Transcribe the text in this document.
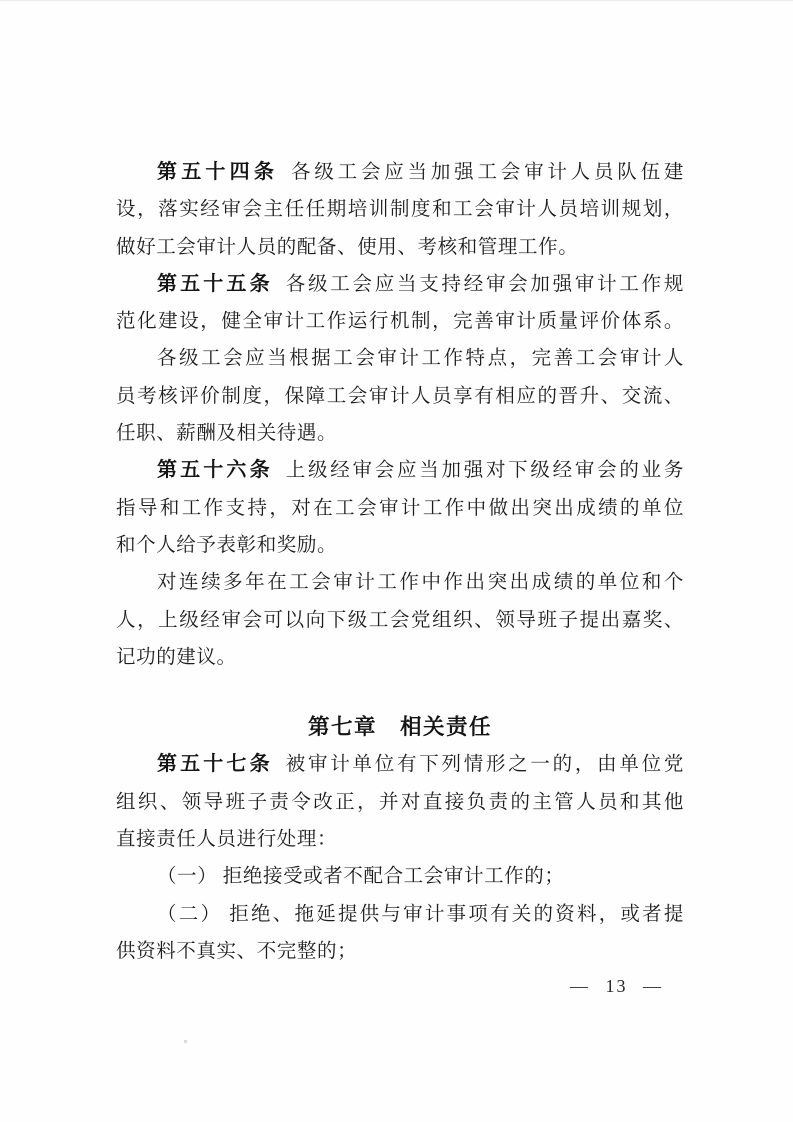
第五十四条 各级工会应当加强工会审计人员队伍建
设，落实经审会主任任期培训制度和工会审计人员培训规划，
做好工会审计人员的配备、使用、考核和管理工作。
第五十五条 各级工会应当支持经审会加强审计工作规
范化建设，健全审计工作运行机制，完善审计质量评价体系。
各级工会应当根据工会审计工作特点，完善工会审计人
员考核评价制度，保障工会审计人员享有相应的晋升、交流、
任职、薪酬及相关待遇。
第五十六条 上级经审会应当加强对下级经审会的业务
指导和工作支持，对在工会审计工作中做出突出成绩的单位
和个人给予表彰和奖励。
对连续多年在工会审计工作中作出突出成绩的单位和个
人，上级经审会可以向下级工会党组织、领导班子提出嘉奖、
记功的建议。
第七章　相关责任
第五十七条 被审计单位有下列情形之一的，由单位党
组织、领导班子责令改正，并对直接负责的主管人员和其他
直接责任人员进行处理：
（一） 拒绝接受或者不配合工会审计工作的；
（二） 拒绝、拖延提供与审计事项有关的资料，或者提
供资料不真实、不完整的；
— 13 —
